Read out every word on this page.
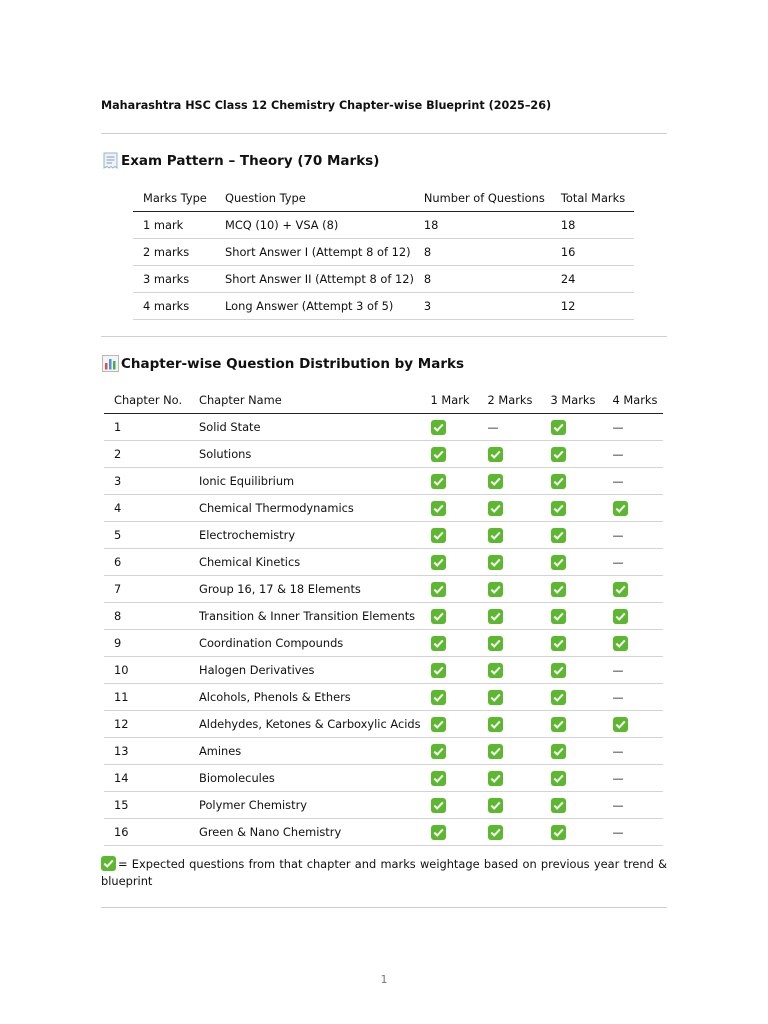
Maharashtra HSC Class 12 Chemistry Chapter-wise Blueprint (2025–26)
Exam Pattern – Theory (70 Marks)
Marks Type	Question Type	Number of Questions	Total Marks
1 mark	MCQ (10) + VSA (8)	18	18
2 marks	Short Answer I (Attempt 8 of 12)	8	16
3 marks	Short Answer II (Attempt 8 of 12)	8	24
4 marks	Long Answer (Attempt 3 of 5)	3	12
Chapter-wise Question Distribution by Marks
Chapter No.	Chapter Name	1 Mark	2 Marks	3 Marks	4 Marks
1	Solid State		—		—
2	Solutions				—
3	Ionic Equilibrium				—
4	Chemical Thermodynamics	

5	Electrochemistry				—
6	Chemical Kinetics				—
7	Group 16, 17 & 18 Elements	

8	Transition & Inner Transition Elements	

9	Coordination Compounds	

10	Halogen Derivatives				—
11	Alcohols, Phenols & Ethers				—
12	Aldehydes, Ketones & Carboxylic Acids	

13	Amines				—
14	Biomolecules				—
15	Polymer Chemistry				—
16	Green & Nano Chemistry				—
= Expected questions from that chapter and marks weightage based on previous year trend & blueprint
1
